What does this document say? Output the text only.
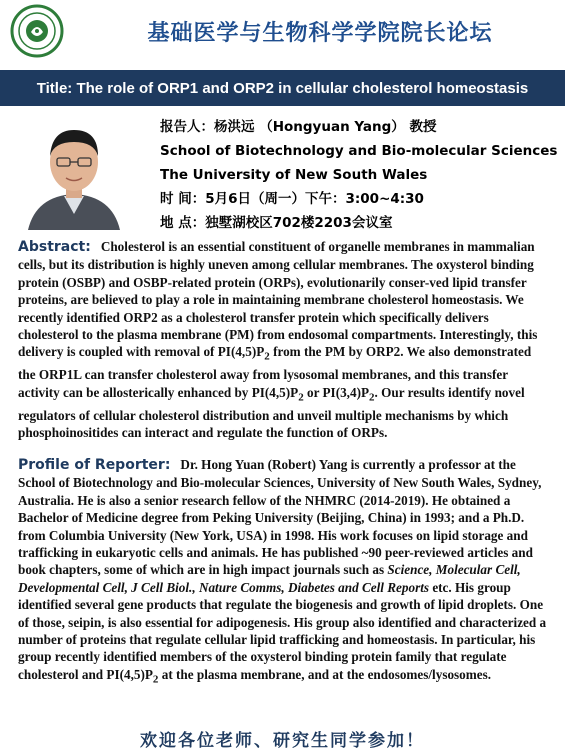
基础医学与生物科学学院院长论坛
Title: The role of ORP1 and ORP2 in cellular cholesterol homeostasis
报告人：杨洪远 （Hongyuan Yang） 教授
School of Biotechnology and Bio-molecular Sciences
The University of New South Wales
时 间：5月6日（周一）下午：3:00~4:30
地 点：独墅湖校区702楼2203会议室
Abstract: Cholesterol is an essential constituent of organelle membranes in mammalian cells, but its distribution is highly uneven among cellular membranes. The oxysterol binding protein (OSBP) and OSBP-related protein (ORPs), evolutionarily conser-ved lipid transfer proteins, are believed to play a role in maintaining membrane cholesterol homeostasis. We recently identified ORP2 as a cholesterol transfer protein which specifically delivers cholesterol to the plasma membrane (PM) from endosomal compartments. Interestingly, this delivery is coupled with removal of $PI(4,5)P_2$ from the PM by ORP2. We also demonstrated the ORP1L can transfer cholesterol away from lysosomal membranes, and this transfer activity can be allosterically enhanced by $PI(4,5)P_2$ or $PI(3,4)P_2$. Our results identify novel regulators of cellular cholesterol distribution and unveil multiple mechanisms by which phosphoinositides can interact and regulate the function of ORPs.
Profile of Reporter: Dr. Hong Yuan (Robert) Yang is currently a professor at the School of Biotechnology and Bio-molecular Sciences, University of New South Wales, Sydney, Australia. He is also a senior research fellow of the NHMRC (2014-2019). He obtained a Bachelor of Medicine degree from Peking University (Beijing, China) in 1993; and a Ph.D. from Columbia University (New York, USA) in 1998. His work focuses on lipid storage and trafficking in eukaryotic cells and animals. He has published ~90 peer-reviewed articles and book chapters, some of which are in high impact journals such as Science, Molecular Cell, Developmental Cell, J Cell Biol., Nature Comms, Diabetes and Cell Reports etc. His group identified several gene products that regulate the biogenesis and growth of lipid droplets. One of those, seipin, is also essential for adipogenesis. His group also identified and characterized a number of proteins that regulate cellular lipid trafficking and homeostasis. In particular, his group recently identified members of the oxysterol binding protein family that regulate cholesterol and $PI(4,5)P_2$ at the plasma membrane, and at the endosomes/lysosomes.
欢迎各位老师、研究生同学参加！
